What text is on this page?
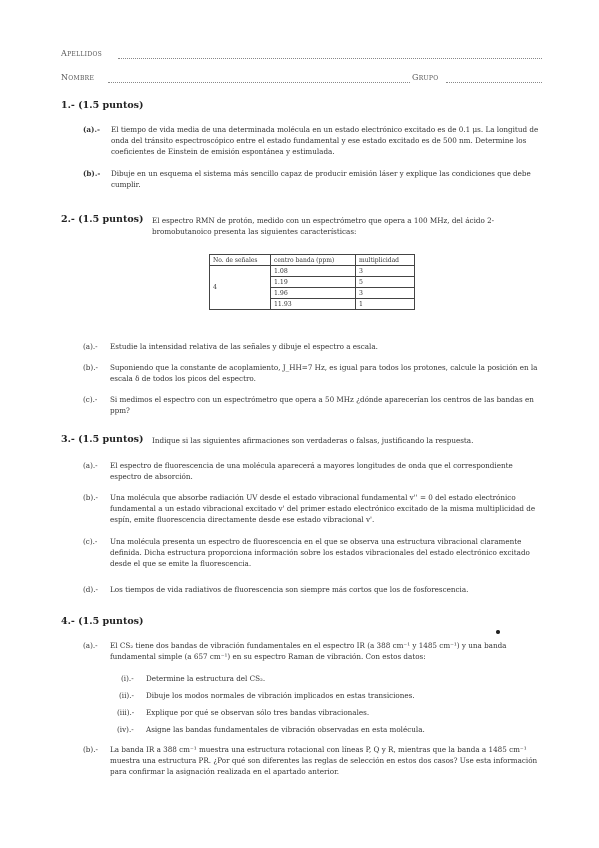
Apellidos
Nombre	Grupo
1.- (1.5 puntos)
(a).- El tiempo de vida media de una determinada molécula en un estado electrónico excitado es de 0.1 μs. La longitud de onda del tránsito espectroscópico entre el estado fundamental y ese estado excitado es de 500 nm. Determine los coeficientes de Einstein de emisión espontánea y estimulada.
(b).- Dibuje en un esquema el sistema más sencillo capaz de producir emisión láser y explique las condiciones que debe cumplir.
2.- (1.5 puntos) El espectro RMN de protón, medido con un espectrómetro que opera a 100 MHz, del ácido 2-bromobutanoico presenta las siguientes características:
No. de señales	centro banda (ppm)	multiplicidad
4	1.08	3
	1.19	5
	1.96	3
	11.93	1
(a).- Estudie la intensidad relativa de las señales y dibuje el espectro a escala.
(b).- Suponiendo que la constante de acoplamiento, J_HH=7 Hz, es igual para todos los protones, calcule la posición en la escala δ de todos los picos del espectro.
(c).- Si medimos el espectro con un espectrómetro que opera a 50 MHz ¿dónde aparecerían los centros de las bandas en ppm?
3.- (1.5 puntos) Indique si las siguientes afirmaciones son verdaderas o falsas, justificando la respuesta.
(a).- El espectro de fluorescencia de una molécula aparecerá a mayores longitudes de onda que el correspondiente espectro de absorción.
(b).- Una molécula que absorbe radiación UV desde el estado vibracional fundamental v'' = 0 del estado electrónico fundamental a un estado vibracional excitado v' del primer estado electrónico excitado de la misma multiplicidad de espín, emite fluorescencia directamente desde ese estado vibracional v'.
(c).- Una molécula presenta un espectro de fluorescencia en el que se observa una estructura vibracional claramente definida. Dicha estructura proporciona información sobre los estados vibracionales del estado electrónico excitado desde el que se emite la fluorescencia.
(d).- Los tiempos de vida radiativos de fluorescencia son siempre más cortos que los de fosforescencia.
4.- (1.5 puntos)
(a).- El CS₂ tiene dos bandas de vibración fundamentales en el espectro IR (a 388 cm⁻¹ y 1485 cm⁻¹) y una banda fundamental simple (a 657 cm⁻¹) en su espectro Raman de vibración. Con estos datos:
(i).- Determine la estructura del CS₂.
(ii).- Dibuje los modos normales de vibración implicados en estas transiciones.
(iii).- Explique por qué se observan sólo tres bandas vibracionales.
(iv).- Asigne las bandas fundamentales de vibración observadas en esta molécula.
(b).- La banda IR a 388 cm⁻¹ muestra una estructura rotacional con líneas P, Q y R, mientras que la banda a 1485 cm⁻¹ muestra una estructura PR. ¿Por qué son diferentes las reglas de selección en estos dos casos? Use esta información para confirmar la asignación realizada en el apartado anterior.
